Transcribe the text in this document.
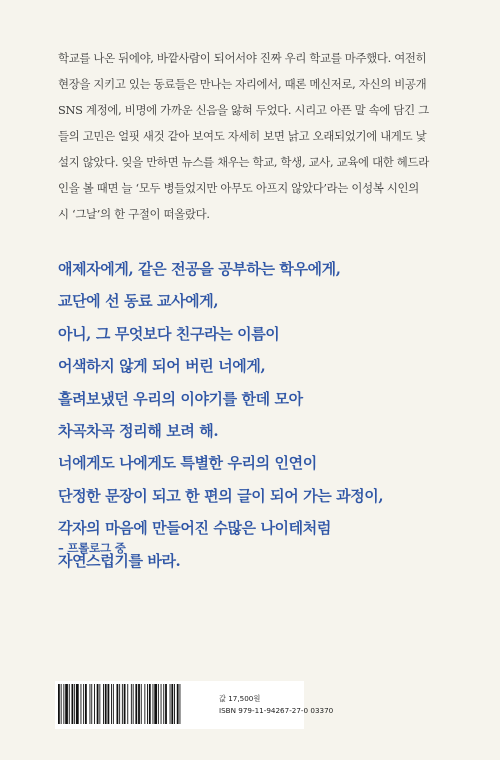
학교를 나온 뒤에야, 바깥사람이 되어서야 진짜 우리 학교를 마주했다. 여전히
현장을 지키고 있는 동료들은 만나는 자리에서, 때론 메신저로, 자신의 비공개
SNS 계정에, 비명에 가까운 신음을 앓혀 두었다. 시리고 아픈 말 속에 담긴 그
들의 고민은 얼핏 새것 같아 보여도 자세히 보면 낡고 오래되었기에 내게도 낯
설지 않았다. 잊을 만하면 뉴스를 채우는 학교, 학생, 교사, 교육에 대한 헤드라
인을 볼 때면 늘 ‘모두 병들었지만 아무도 아프지 않았다’라는 이성복 시인의
시 ‘그날’의 한 구절이 떠올랐다.
애제자에게, 같은 전공을 공부하는 학우에게,
교단에 선 동료 교사에게,
아니, 그 무엇보다 친구라는 이름이
어색하지 않게 되어 버린 너에게,
흘려보냈던 우리의 이야기를 한데 모아
차곡차곡 정리해 보려 해.
너에게도 나에게도 특별한 우리의 인연이
단정한 문장이 되고 한 편의 글이 되어 가는 과정이,
각자의 마음에 만들어진 수많은 나이테처럼
자연스럽기를 바라.
– 프롤로그 중
값 17,500원
ISBN 979-11-94267-27-0 03370
